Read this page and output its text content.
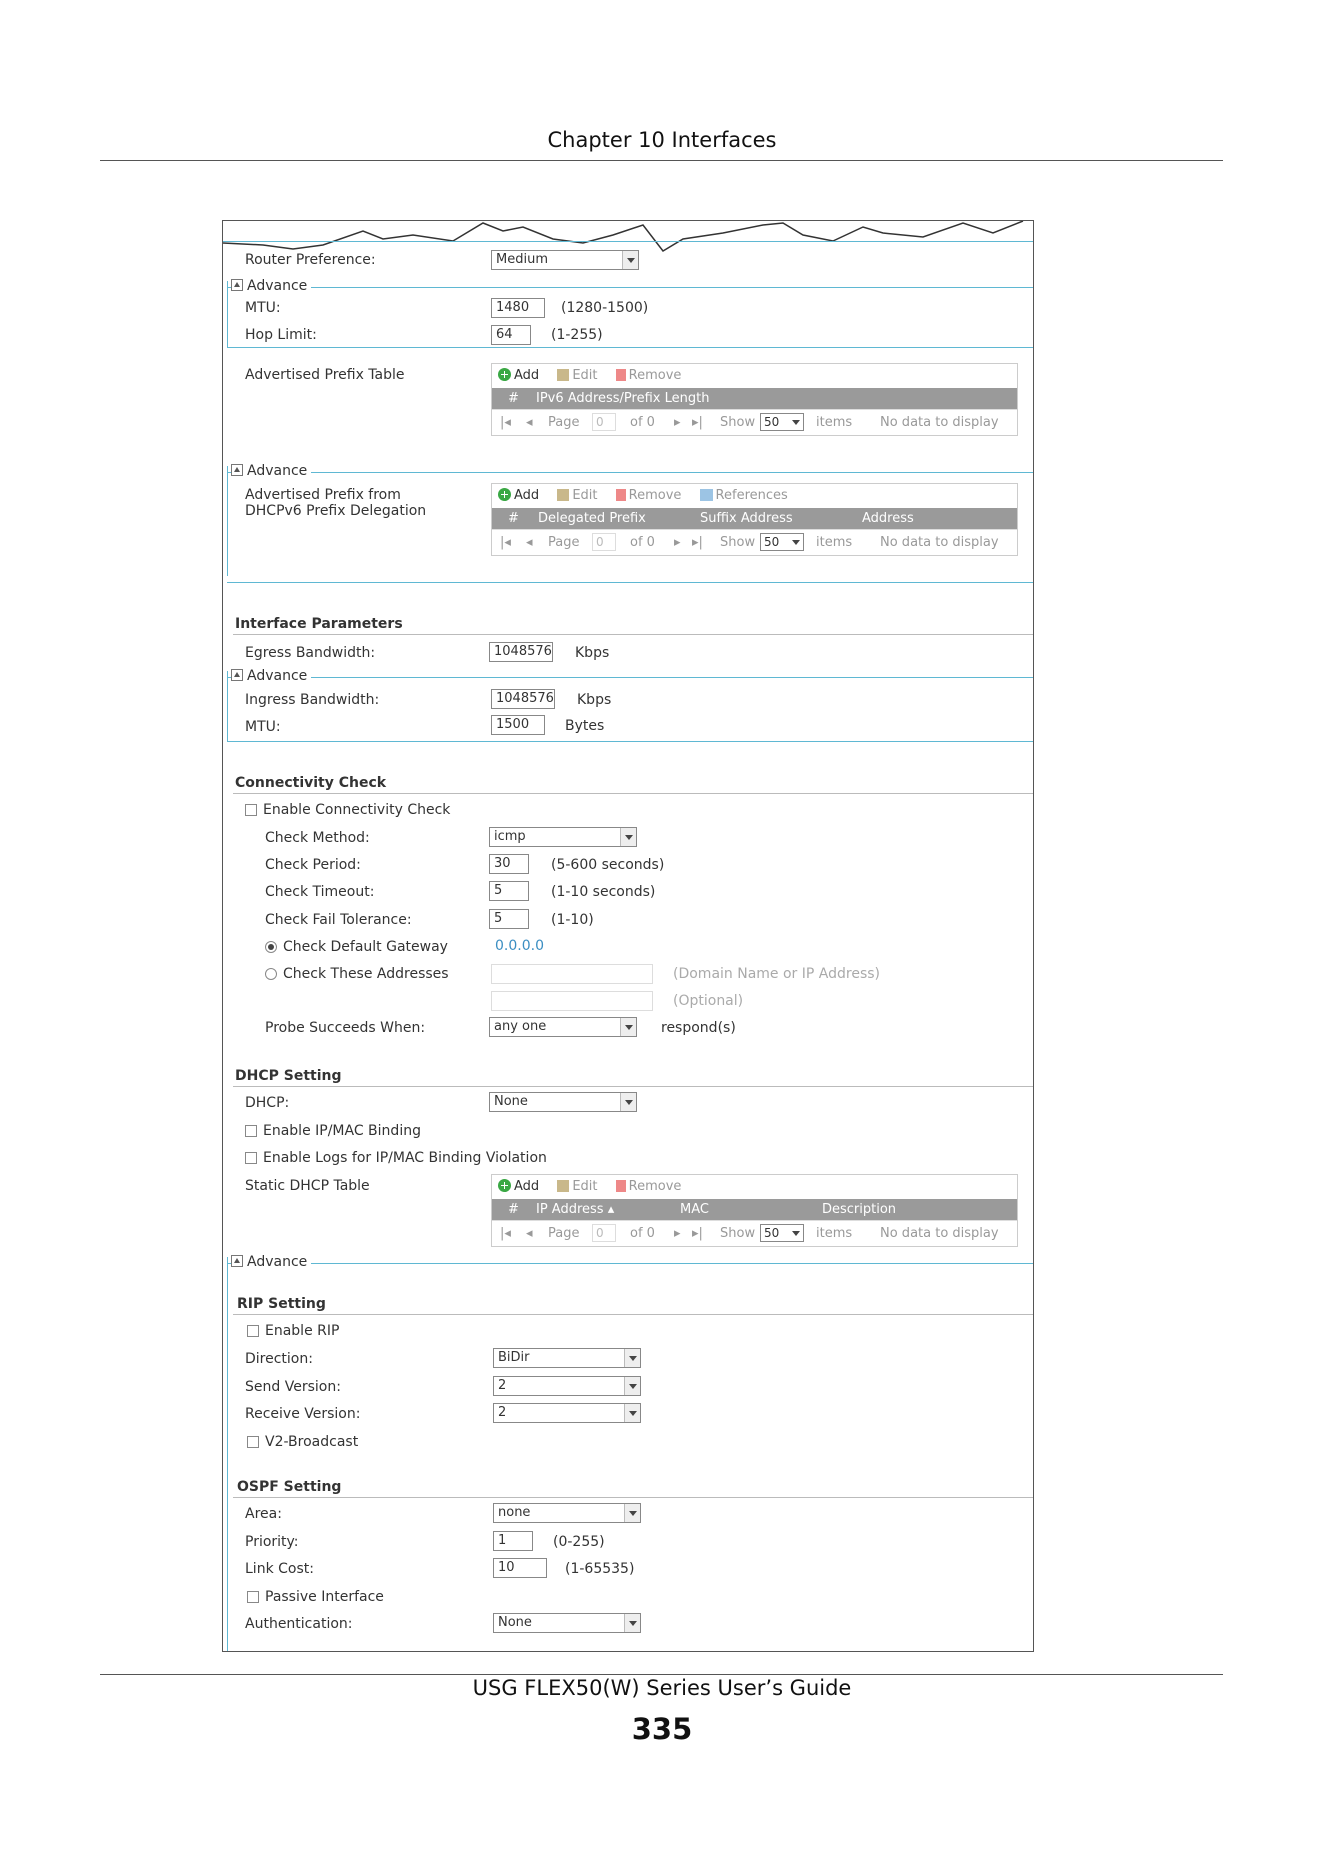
Chapter 10 Interfaces
Router Preference:	Medium
Advance
MTU:	1480	(1280-1500)
Hop Limit:	64	(1-255)
Advertised Prefix Table	Add	Edit Remove
# IPv6 Address/Prefix Length
|◂ ◂ Page	0	of 0 ▸ ▸| Show 50	items No data to display
Advance
Advertised Prefix from
DHCPv6 Prefix Delegation
Add	Edit Remove	References
# Delegated Prefix	Suffix Address	Address
|◂ ◂ Page	0	of 0 ▸ ▸| Show 50	items No data to display
Interface Parameters
Egress Bandwidth:	1048576 Kbps
Advance
Ingress Bandwidth:	1048576 Kbps
MTU:	1500	Bytes
Connectivity Check
Enable Connectivity Check
Check Method:	icmp
Check Period:	30	(5-600 seconds)
Check Timeout:	5	(1-10 seconds)
Check Fail Tolerance:	5	(1-10)
Check Default Gateway	0.0.0.0
Check These Addresses	(Domain Name or IP Address)
(Optional)
Probe Succeeds When:	any one	respond(s)
DHCP Setting
DHCP:	None
Enable IP/MAC Binding
Enable Logs for IP/MAC Binding Violation
Static DHCP Table	Add	Edit Remove
# IP Address ▴	MAC	Description
|◂ ◂ Page	0	of 0 ▸ ▸| Show 50	items No data to display
Advance
RIP Setting
Enable RIP
Direction:	BiDir
Send Version:	2
Receive Version:	2
V2-Broadcast
OSPF Setting
Area:	none
Priority:	1	(0-255)
Link Cost:	10	(1-65535)
Passive Interface
Authentication:	None
USG FLEX50(W) Series User’s Guide
335
